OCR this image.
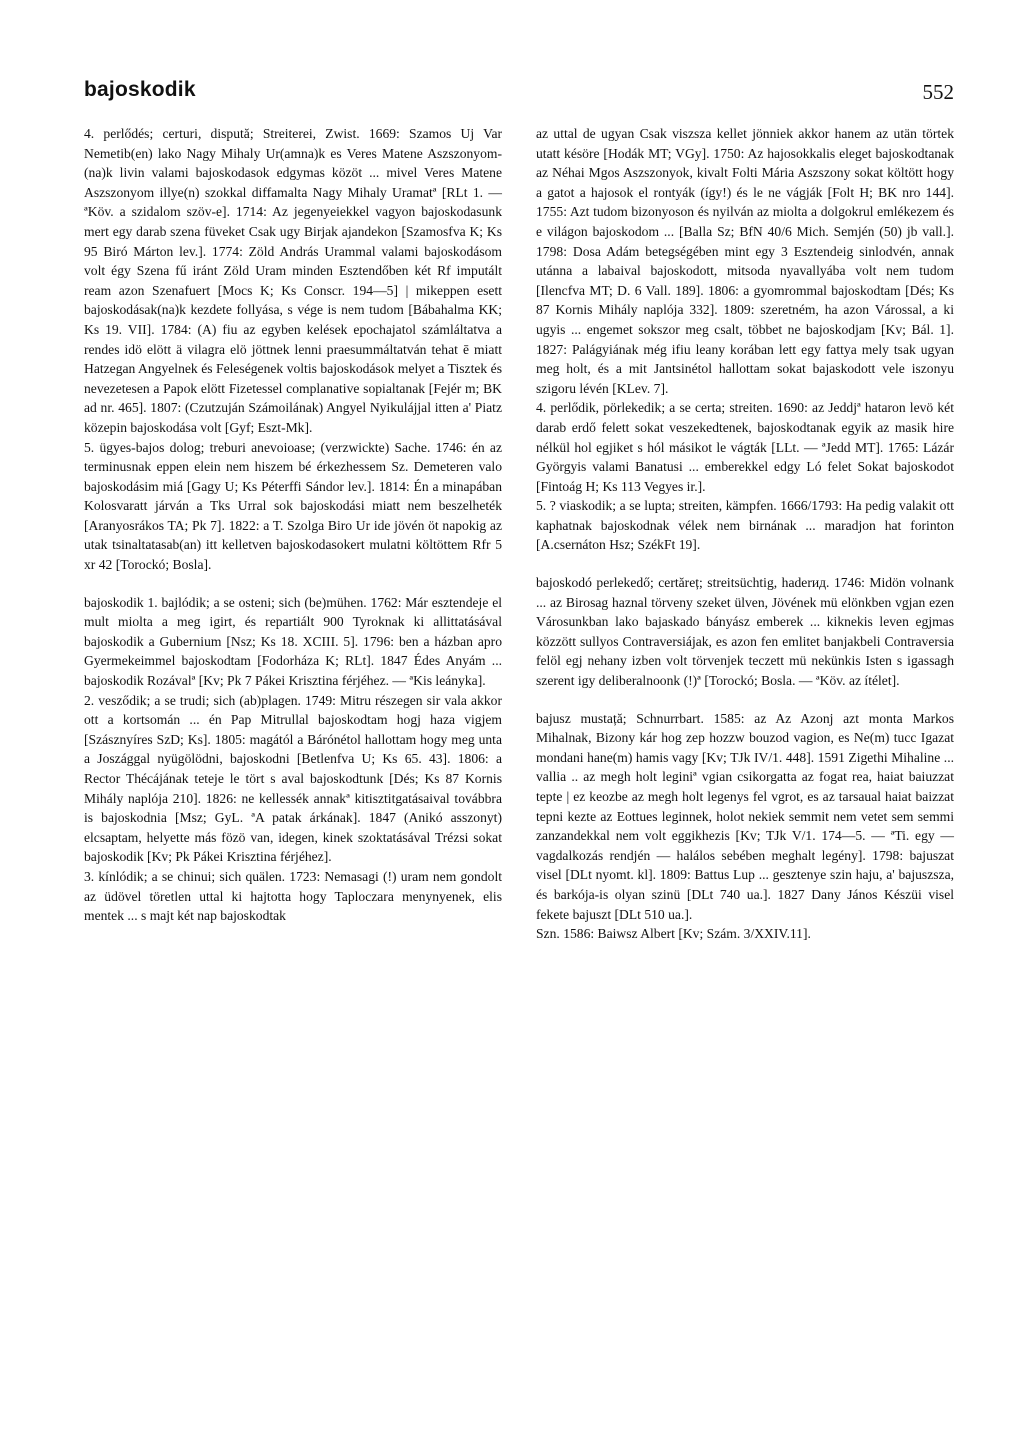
bajoskodik	552

4. perlődés; certuri, dispută; Streiterei, Zwist. 1669: Szamos Uj Var Nemetib(en) lako Nagy Mihaly Ur(amna)k es Veres Matene Aszszonyom-(na)k livin valami bajoskodasok edgymas közöt ... mivel Veres Matene Aszszonyom illye(n) szokkal diffamalta Nagy Mihaly Uramatª [RLt 1. — ªKöv. a szidalom szöv-e]. 1714: Az jegenyeiekkel vagyon bajoskodasunk mert egy darab szena füveket Csak ugy Birjak ajandekon [Szamosfva K; Ks 95 Biró Márton lev.]. 1774: Zöld András Urammal valami bajoskodásom volt égy Szena fű iránt Zöld Uram minden Esztendőben két Rf imputált ream azon Szenafuert [Mocs K; Ks Conscr. 194—5] | mikeppen esett bajoskodásak(na)k kezdete follyása, s vége is nem tudom [Bábahalma KK; Ks 19. VII]. 1784: (A) fiu az egyben kelések epochajatol számláltatva a rendes idö elött ä vilagra elö jöttnek lenni praesummáltatván tehat ē miatt Hatzegan Angyelnek és Feleségenek voltis bajoskodások melyet a Tisztek és nevezetesen a Papok elött Fizetessel complanative sopialtanak [Fejér m; BK ad nr. 465]. 1807: (Czutzuján Számoilának) Angyel Nyikulájjal itten a' Piatz közepin bajoskodása volt [Gyf; Eszt-Mk].

5. ügyes-bajos dolog; treburi anevoioase; (verzwickte) Sache. 1746: én az terminusnak eppen elein nem hiszem bé érkezhessem Sz. Demeteren valo bajoskodásim miá [Gagy U; Ks Péterffi Sándor lev.]. 1814: Én a minapában Kolosvaratt járván a Tks Urral sok bajoskodási miatt nem beszelheték [Aranyosrákos TA; Pk 7]. 1822: a T. Szolga Biro Ur ide jövén öt napokig az utak tsinaltatasab(an) itt kelletven bajoskodasokert mulatni költöttem Rfr 5 xr 42 [Torockó; Bosla].

bajoskodik 1. bajlódik; a se osteni; sich (be)mühen. 1762: Már esztendeje el mult miolta a meg igirt, és repartiált 900 Tyroknak ki allittatásával bajoskodik a Gubernium [Nsz; Ks 18. XCIII. 5]. 1796: ben a házban apro Gyermekeimmel bajoskodtam [Fodorháza K; RLt]. 1847 Édes Anyám ... bajoskodik Rozávalª [Kv; Pk 7 Pákei Krisztina férjéhez. — ªKis leányka].

2. vesződik; a se trudi; sich (ab)plagen. 1749: Mitru részegen sir vala akkor ott a kortsomán ... én Pap Mitrullal bajoskodtam hogj haza vigjem [Szásznyíres SzD; Ks]. 1805: magától a Bárónétol hallottam hogy meg unta a Joszággal nyügölödni, bajoskodni [Betlenfva U; Ks 65. 43]. 1806: a Rector Thécájának teteje le tört s aval bajoskodtunk [Dés; Ks 87 Kornis Mihály naplója 210]. 1826: ne kellessék annakª kitisztitgatásaival továbbra is bajoskodnia [Msz; GyL. ªA patak árkának]. 1847 (Anikó asszonyt) elcsaptam, helyette más fözö van, idegen, kinek szoktatásával Trézsi sokat bajoskodik [Kv; Pk Pákei Krisztina férjéhez].

3. kínlódik; a se chinui; sich quälen. 1723: Nemasagi (!) uram nem gondolt az üdövel töretlen uttal ki hajtotta hogy Taploczara menynyenek, elis mentek ... s majt két nap bajoskodtak

az uttal de ugyan Csak viszsza kellet jönniek akkor hanem az utän törtek utatt késöre [Hodák MT; VGy]. 1750: Az hajosokkalis eleget bajoskodtanak az Néhai Mgos Aszszonyok, kivalt Folti Mária Aszszony sokat költött hogy a gatot a hajosok el rontyák (így!) és le ne vágják [Folt H; BK nro 144]. 1755: Azt tudom bizonyoson és nyilván az miolta a dolgokrul emlékezem és e világon bajoskodom ... [Balla Sz; BfN 40/6 Mich. Semjén (50) jb vall.]. 1798: Dosa Adám betegségében mint egy 3 Esztendeig sinlodvén, annak utánna a labaival bajoskodott, mitsoda nyavallyába volt nem tudom [Ilencfva MT; D. 6 Vall. 189]. 1806: a gyomrommal bajoskodtam [Dés; Ks 87 Kornis Mihály naplója 332]. 1809: szeretném, ha azon Várossal, a ki ugyis ... engemet sokszor meg csalt, többet ne bajoskodjam [Kv; Bál. 1]. 1827: Palágyiának még ifiu leany korában lett egy fattya mely tsak ugyan meg holt, és a mit Jantsinétol hallottam sokat bajaskodott vele iszonyu szigoru lévén [KLev. 7].

4. perlődik, pörlekedik; a se certa; streiten. 1690: az Jeddjª hataron levö két darab erdő felett sokat veszekedtenek, bajoskodtanak egyik az masik hire nélkül hol egjiket s hól másikot le vágták [LLt. — ªJedd MT]. 1765: Lázár Györgyis valami Banatusi ... emberekkel edgy Ló felet Sokat bajoskodot [Fintoág H; Ks 113 Vegyes ir.].

5. ? viaskodik; a se lupta; streiten, kämpfen. 1666/1793: Ha pedig valakit ott kaphatnak bajoskodnak vélek nem birnának ... maradjon hat forinton [A.csernáton Hsz; SzékFt 19].

bajoskodó perlekedő; certăreț; streitsüchtig, haderид. 1746: Midön volnank ... az Birosag haznal törveny szeket ülven, Jövének mü elönkben vgjan ezen Városunkban lako bajaskado bányász emberek ... kiknekis leven egjmas közzött sullyos Contraversiájak, es azon fen emlitet banjakbeli Contraversia felöl egj nehany izben volt törvenjek teczett mü nekünkis Isten s igassagh szerent igy deliberalnoonk (!)ª [Torockó; Bosla. — ªKöv. az ítélet].

bajusz mustață; Schnurrbart. 1585: az Az Azonj azt monta Markos Mihalnak, Bizony kár hog zep hozzw bouzod vagion, es Ne(m) tucc Igazat mondani hane(m) hamis vagy [Kv; TJk IV/1. 448]. 1591 Zigethi Mihaline ... vallia .. az megh holt leginiª vgian csikorgatta az fogat rea, haiat baiuzzat tepte | ez keozbe az megh holt legenys fel vgrot, es az tarsaual haiat baizzat tepni kezte az Eottues leginnek, holot nekiek semmit nem vetet sem semmi zanzandekkal nem volt eggikhezis [Kv; TJk V/1. 174—5. — ªTi. egy — vagdalkozás rendjén — halálos sebében meghalt legény]. 1798: bajuszat visel [DLt nyomt. kl]. 1809: Battus Lup ... gesztenye szin haju, a' bajuszsza, és barkója-is olyan szinü [DLt 740 ua.]. 1827 Dany János Készüi visel fekete bajuszt [DLt 510 ua.].

Szn. 1586: Baiwsz Albert [Kv; Szám. 3/XXIV.11].
